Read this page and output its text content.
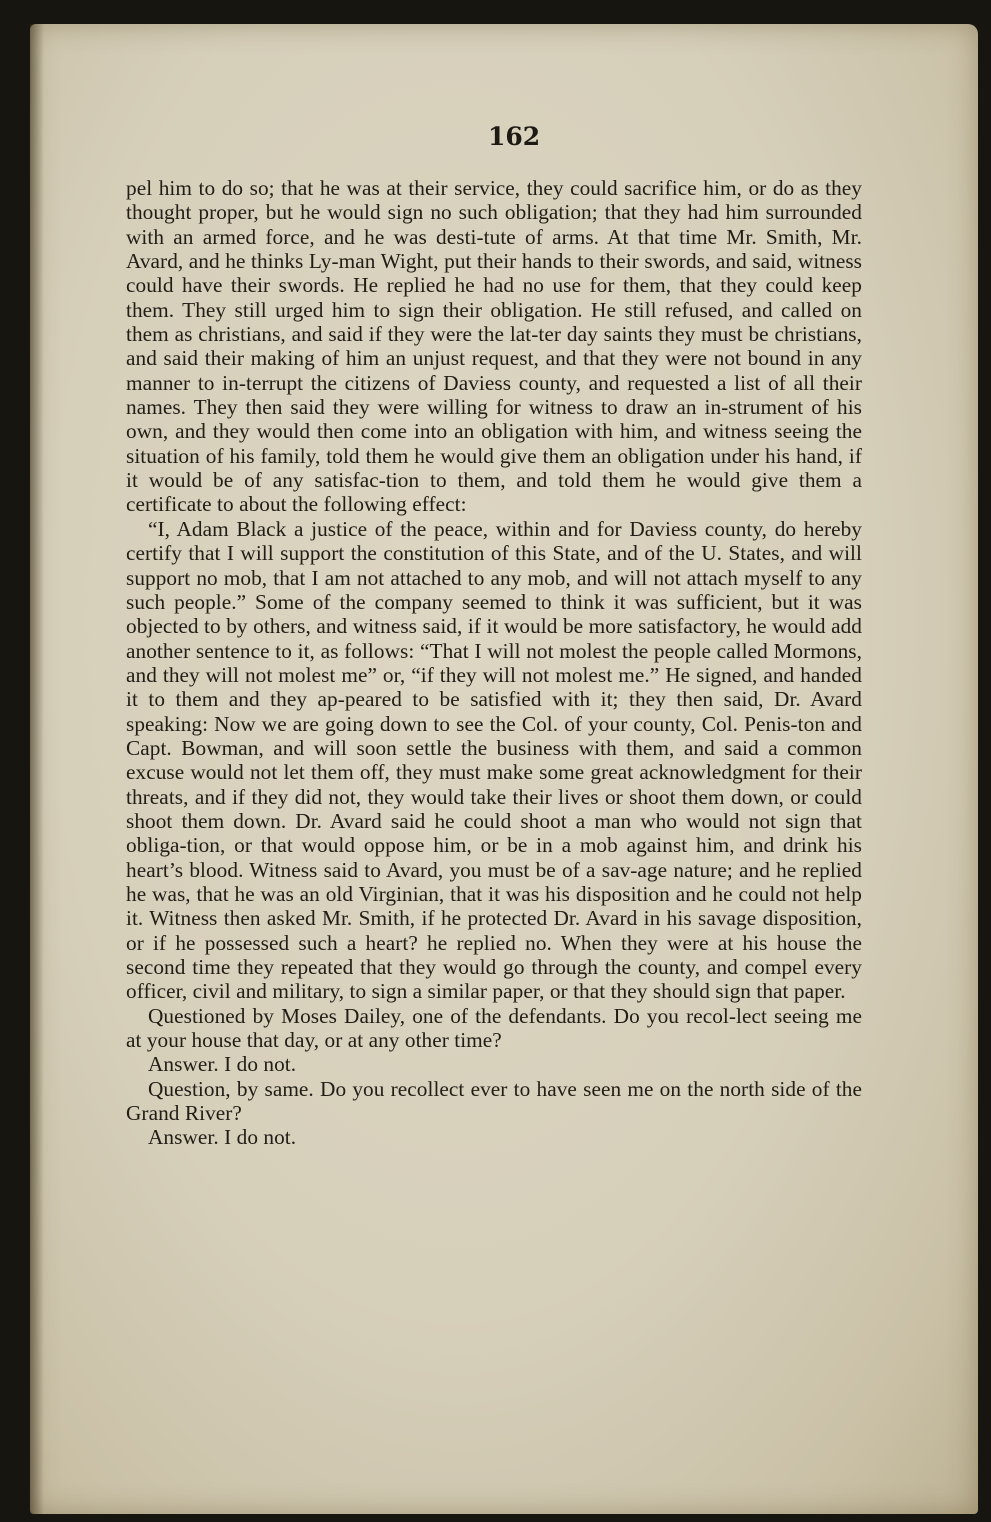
162

pel him to do so; that he was at their service, they could sacrifice him, or do as they thought proper, but he would sign no such obligation; that they had him surrounded with an armed force, and he was desti-tute of arms. At that time Mr. Smith, Mr. Avard, and he thinks Ly-man Wight, put their hands to their swords, and said, witness could have their swords. He replied he had no use for them, that they could keep them. They still urged him to sign their obligation. He still refused, and called on them as christians, and said if they were the lat-ter day saints they must be christians, and said their making of him an unjust request, and that they were not bound in any manner to in-terrupt the citizens of Daviess county, and requested a list of all their names. They then said they were willing for witness to draw an in-strument of his own, and they would then come into an obligation with him, and witness seeing the situation of his family, told them he would give them an obligation under his hand, if it would be of any satisfac-tion to them, and told them he would give them a certificate to about the following effect:

“I, Adam Black a justice of the peace, within and for Daviess county, do hereby certify that I will support the constitution of this State, and of the U. States, and will support no mob, that I am not attached to any mob, and will not attach myself to any such people.” Some of the company seemed to think it was sufficient, but it was objected to by others, and witness said, if it would be more satisfactory, he would add another sentence to it, as follows: “That I will not molest the people called Mormons, and they will not molest me” or, “if they will not molest me.” He signed, and handed it to them and they ap-peared to be satisfied with it; they then said, Dr. Avard speaking: Now we are going down to see the Col. of your county, Col. Penis-ton and Capt. Bowman, and will soon settle the business with them, and said a common excuse would not let them off, they must make some great acknowledgment for their threats, and if they did not, they would take their lives or shoot them down, or could shoot them down. Dr. Avard said he could shoot a man who would not sign that obliga-tion, or that would oppose him, or be in a mob against him, and drink his heart’s blood. Witness said to Avard, you must be of a sav-age nature; and he replied he was, that he was an old Virginian, that it was his disposition and he could not help it. Witness then asked Mr. Smith, if he protected Dr. Avard in his savage disposition, or if he possessed such a heart? he replied no. When they were at his house the second time they repeated that they would go through the county, and compel every officer, civil and military, to sign a similar paper, or that they should sign that paper.

Questioned by Moses Dailey, one of the defendants. Do you recol-lect seeing me at your house that day, or at any other time?

Answer. I do not.

Question, by same. Do you recollect ever to have seen me on the north side of the Grand River?

Answer. I do not.
